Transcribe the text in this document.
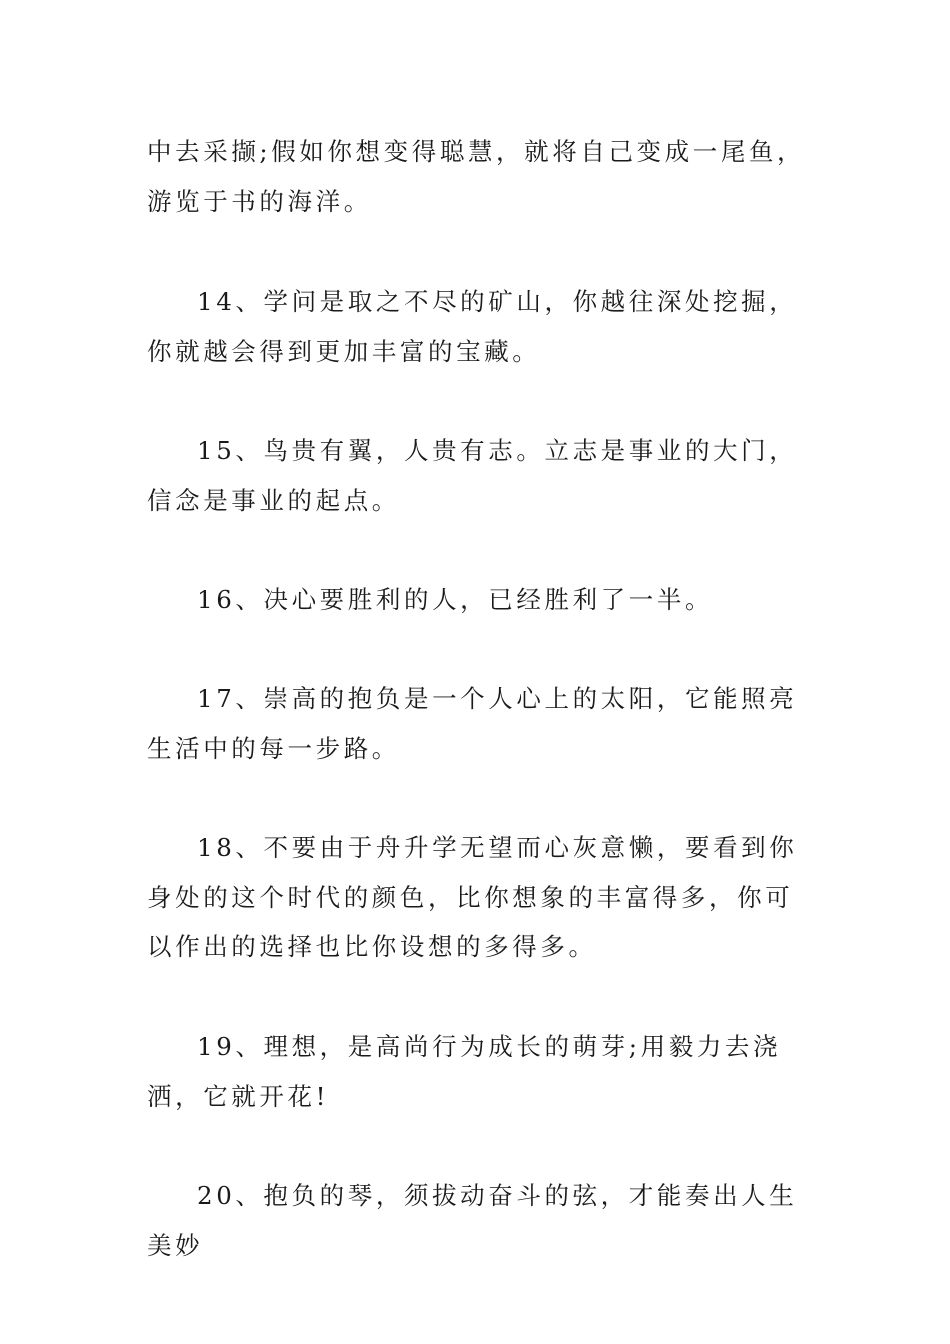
中去采撷;假如你想变得聪慧，就将自己变成一尾鱼，游览于书的海洋。
14、学问是取之不尽的矿山，你越往深处挖掘，你就越会得到更加丰富的宝藏。
15、鸟贵有翼，人贵有志。立志是事业的大门，信念是事业的起点。
16、决心要胜利的人，已经胜利了一半。
17、崇高的抱负是一个人心上的太阳，它能照亮生活中的每一步路。
18、不要由于舟升学无望而心灰意懒，要看到你身处的这个时代的颜色，比你想象的丰富得多，你可以作出的选择也比你设想的多得多。
19、理想，是高尚行为成长的萌芽;用毅力去浇洒，它就开花!
20、抱负的琴，须拔动奋斗的弦，才能奏出人生美妙
